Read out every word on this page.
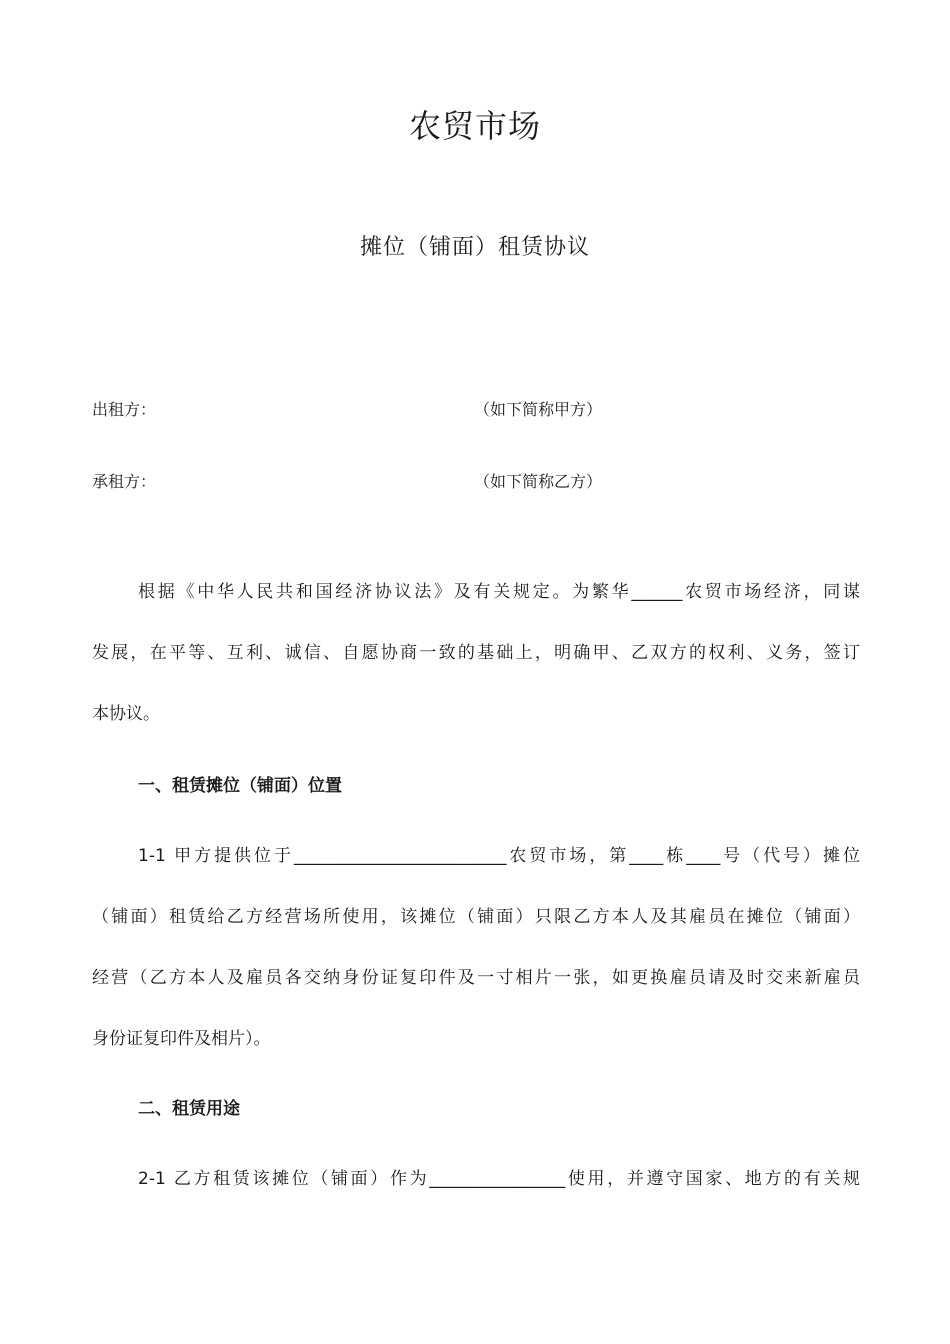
农贸市场
摊位（铺面）租赁协议
出租方：	（如下简称甲方）
承租方：	（如下简称乙方）
根据《中华人民共和国经济协议法》及有关规定。为繁华______农贸市场经济，同谋
发展，在平等、互利、诚信、自愿协商一致的基础上，明确甲、乙双方的权利、义务，签订
本协议。
一、租赁摊位（铺面）位置
1-1 甲方提供位于_________________________农贸市场，第____栋____号（代号）摊位
（铺面）租赁给乙方经营场所使用，该摊位（铺面）只限乙方本人及其雇员在摊位（铺面）
经营（乙方本人及雇员各交纳身份证复印件及一寸相片一张，如更换雇员请及时交来新雇员
身份证复印件及相片）。
二、租赁用途
2-1 乙方租赁该摊位（铺面）作为________________使用，并遵守国家、地方的有关规
